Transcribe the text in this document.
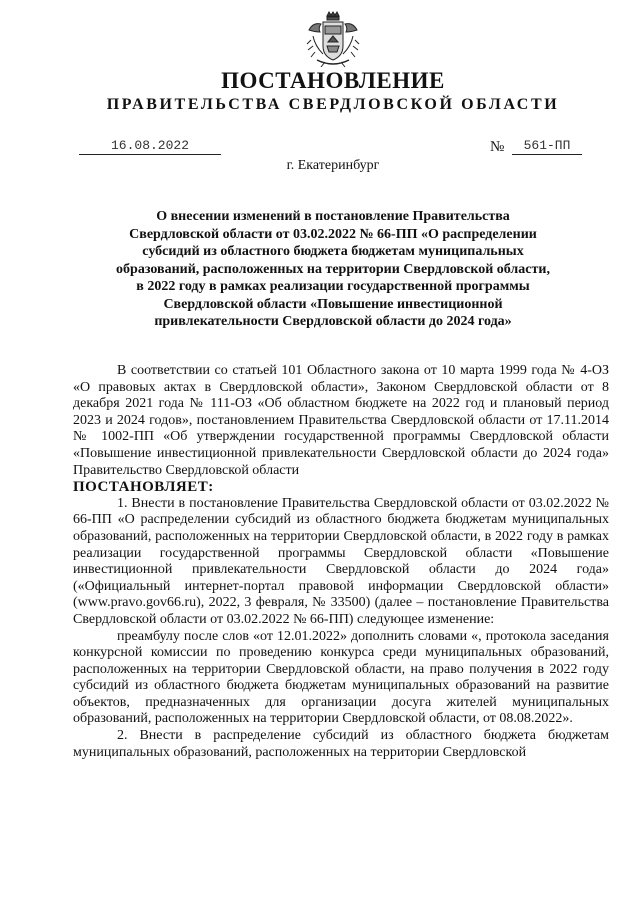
ПОСТАНОВЛЕНИЕ
ПРАВИТЕЛЬСТВА СВЕРДЛОВСКОЙ ОБЛАСТИ
16.08.2022	№	561-ПП
г. Екатеринбург
О внесении изменений в постановление Правительства
Свердловской области от 03.02.2022 № 66-ПП «О распределении
субсидий из областного бюджета бюджетам муниципальных
образований, расположенных на территории Свердловской области,
в 2022 году в рамках реализации государственной программы
Свердловской области «Повышение инвестиционной
привлекательности Свердловской области до 2024 года»

В соответствии со статьей 101 Областного закона от 10 марта 1999 года № 4-ОЗ «О правовых актах в Свердловской области», Законом Свердловской области от 8 декабря 2021 года № 111-ОЗ «Об областном бюджете на 2022 год и плановый период 2023 и 2024 годов», постановлением Правительства Свердловской области от 17.11.2014 № 1002-ПП «Об утверждении государственной программы Свердловской области «Повышение инвестиционной привлекательности Свердловской области до 2024 года» Правительство Свердловской области

ПОСТАНОВЛЯЕТ:

1. Внести в постановление Правительства Свердловской области от 03.02.2022 № 66-ПП «О распределении субсидий из областного бюджета бюджетам муниципальных образований, расположенных на территории Свердловской области, в 2022 году в рамках реализации государственной программы Свердловской области «Повышение инвестиционной привлекательности Свердловской области до 2024 года» («Официальный интернет-портал правовой информации Свердловской области» (www.pravo.gov66.ru), 2022, 3 февраля, № 33500) (далее – постановление Правительства Свердловской области от 03.02.2022 № 66-ПП) следующее изменение:

преамбулу после слов «от 12.01.2022» дополнить словами «, протокола заседания конкурсной комиссии по проведению конкурса среди муниципальных образований, расположенных на территории Свердловской области, на право получения в 2022 году субсидий из областного бюджета бюджетам муниципальных образований на развитие объектов, предназначенных для организации досуга жителей муниципальных образований, расположенных на территории Свердловской области, от 08.08.2022».

2. Внести в распределение субсидий из областного бюджета бюджетам муниципальных образований, расположенных на территории Свердловской
